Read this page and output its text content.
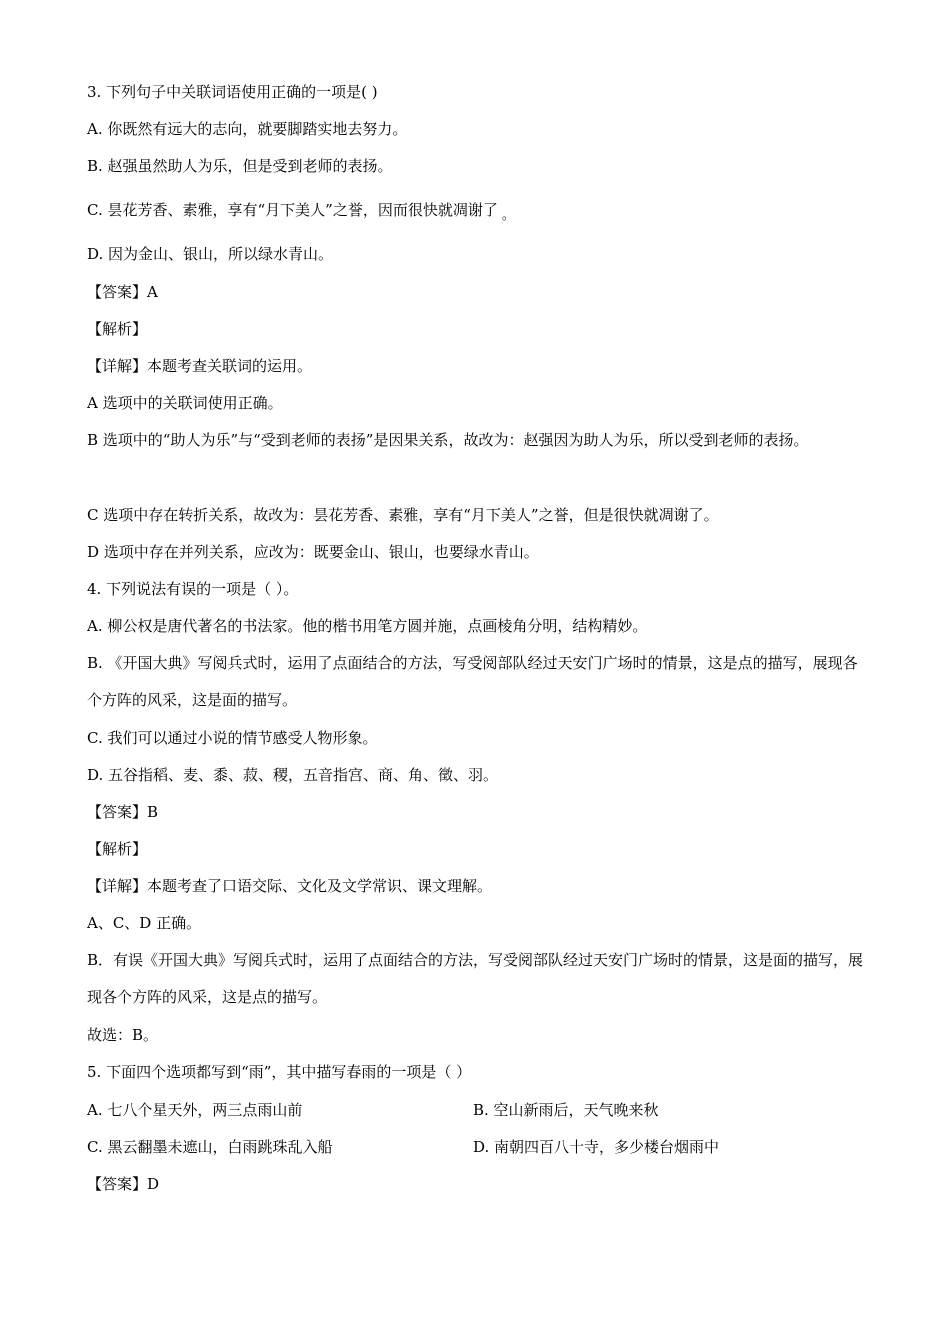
3. 下列句子中关联词语使用正确的一项是( )
A. 你既然有远大的志向，就要脚踏实地去努力。
B. 赵强虽然助人为乐，但是受到老师的表扬。
C. 昙花芳香、素雅，享有“月下美人”之誉，因而很快就凋谢了 。
D. 因为金山、银山，所以绿水青山。
【答案】A
【解析】
【详解】本题考查关联词的运用。
A 选项中的关联词使用正确。
B 选项中的“助人为乐”与“受到老师的表扬”是因果关系，故改为：赵强因为助人为乐，所以受到老师的表扬。
C 选项中存在转折关系，故改为：昙花芳香、素雅，享有“月下美人”之誉，但是很快就凋谢了。
D 选项中存在并列关系，应改为：既要金山、银山，也要绿水青山。
4. 下列说法有误的一项是（ ）。
A. 柳公权是唐代著名的书法家。他的楷书用笔方圆并施，点画棱角分明，结构精妙。
B. 《开国大典》写阅兵式时，运用了点面结合的方法，写受阅部队经过天安门广场时的情景，这是点的描写，展现各个方阵的风采，这是面的描写。
C. 我们可以通过小说的情节感受人物形象。
D. 五谷指稻、麦、黍、菽、稷，五音指宫、商、角、徵、羽。
【答案】B
【解析】
【详解】本题考查了口语交际、文化及文学常识、课文理解。
A、C、D 正确。
B．有误《开国大典》写阅兵式时，运用了点面结合的方法，写受阅部队经过天安门广场时的情景，这是面的描写，展现各个方阵的风采，这是点的描写。
故选：B。
5. 下面四个选项都写到“雨”，其中描写春雨的一项是（ ）
A. 七八个星天外，两三点雨山前	B. 空山新雨后，天气晚来秋
C. 黑云翻墨未遮山，白雨跳珠乱入船	D. 南朝四百八十寺，多少楼台烟雨中
【答案】D
